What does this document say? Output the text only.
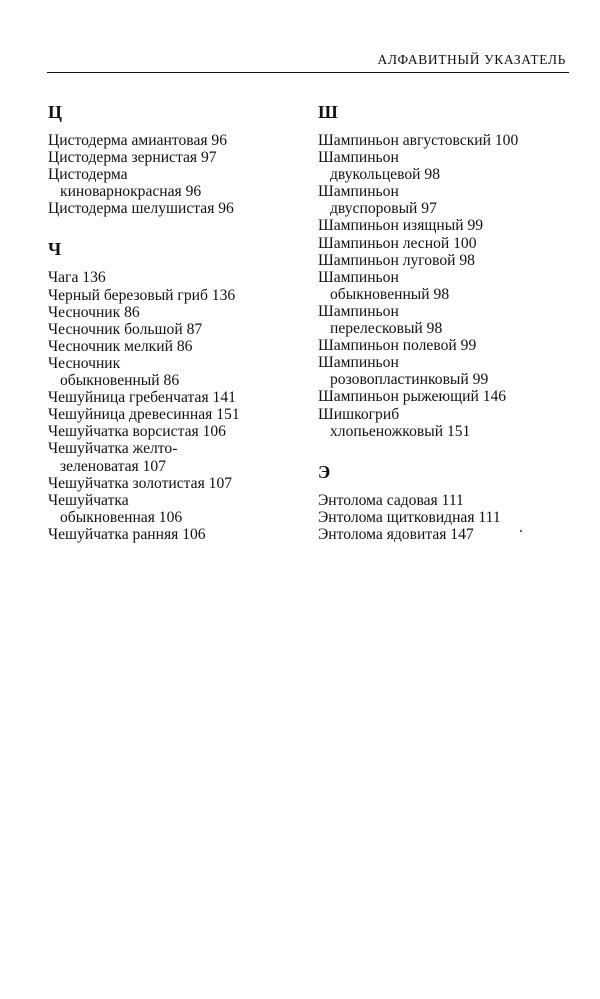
АЛФАВИТНЫЙ УКАЗАТЕЛЬ
Ц
Цистодерма амиантовая 96
Цистодерма зернистая 97
Цистодерма
киноварнокрасная 96
Цистодерма шелушистая 96
Ч
Чага 136
Черный березовый гриб 136
Чесночник 86
Чесночник большой 87
Чесночник мелкий 86
Чесночник
обыкновенный 86
Чешуйница гребенчатая 141
Чешуйница древесинная 151
Чешуйчатка ворсистая 106
Чешуйчатка желто-
зеленоватая 107
Чешуйчатка золотистая 107
Чешуйчатка
обыкновенная 106
Чешуйчатка ранняя 106
Ш
Шампиньон августовский 100
Шампиньон
двукольцевой 98
Шампиньон
двуспоровый 97
Шампиньон изящный 99
Шампиньон лесной 100
Шампиньон луговой 98
Шампиньон
обыкновенный 98
Шампиньон
перелесковый 98
Шампиньон полевой 99
Шампиньон
розовопластинковый 99
Шампиньон рыжеющий 146
Шишкогриб
хлопьеножковый 151
Э
Энтолома садовая 111
Энтолома щитковидная 111
Энтолома ядовитая 147
